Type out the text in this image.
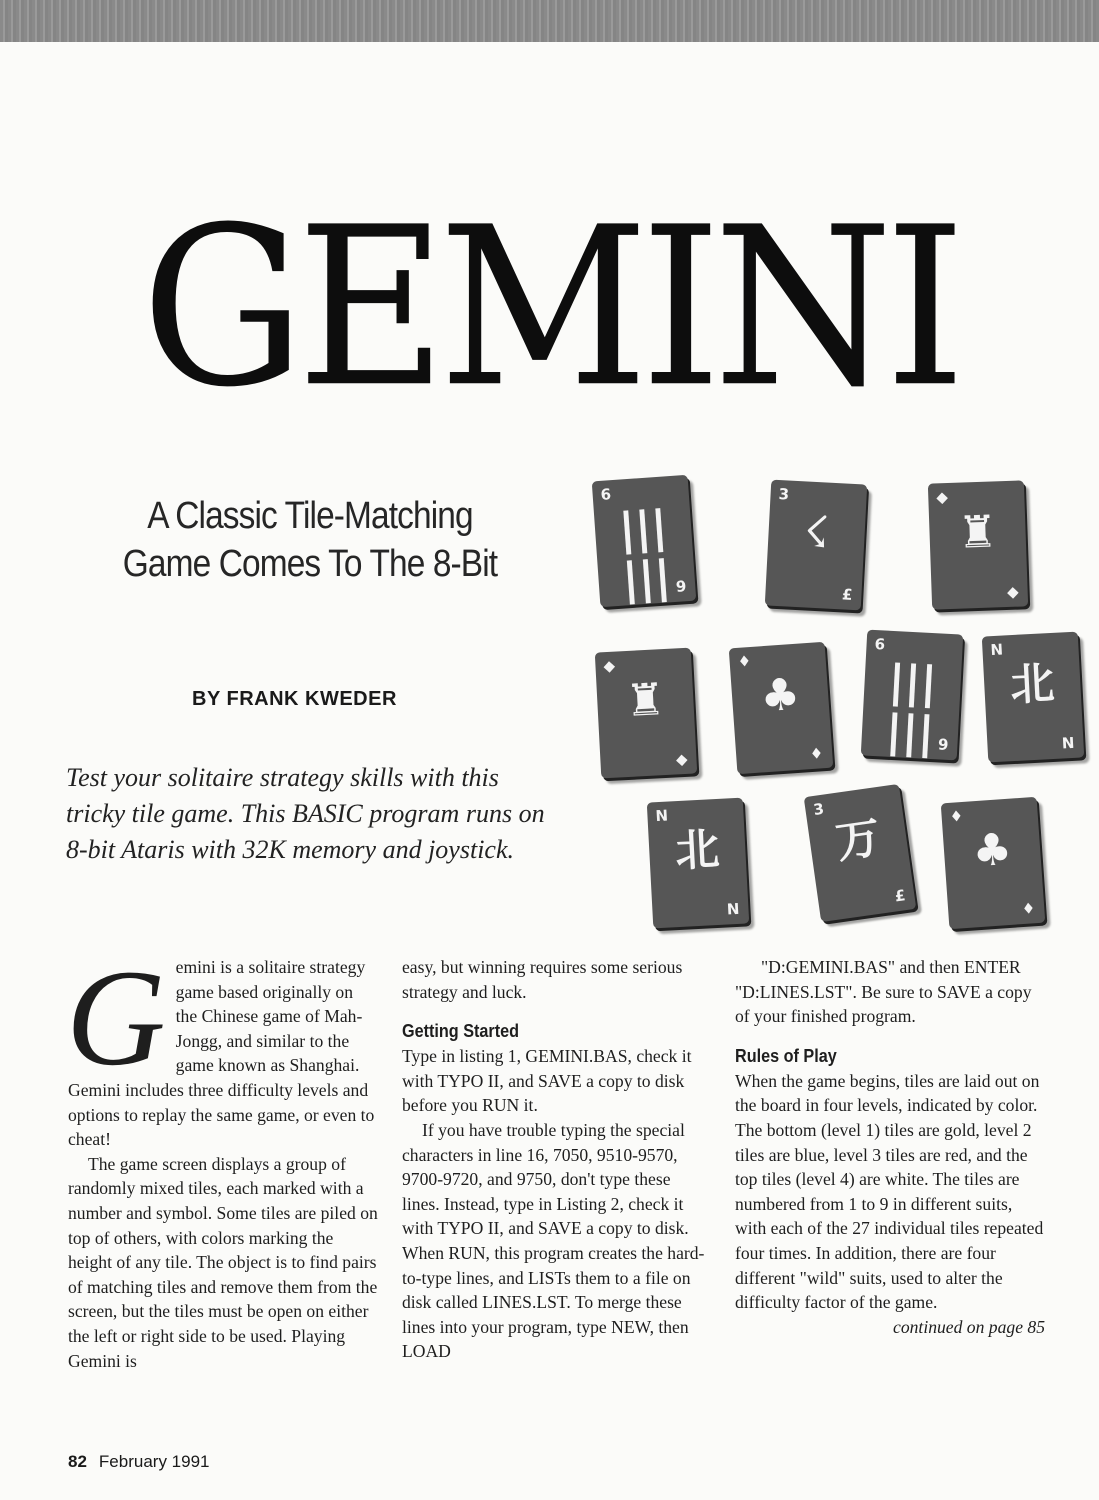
GEMINI
A Classic Tile-Matching
Game Comes To The 8-Bit
BY FRANK KWEDER
Test your solitaire strategy skills with this tricky tile game. This BASIC program runs on 8-bit Ataris with 32K memory and joystick.
6
|||
||| 9
3
☇
£
◆
♜
◆
◆
♜
◆
♦
♣
♦
6
|||
||| 9
N
北
N
N
北
N
3
万
£
♦
♣
♦

Gemini is a solitaire strategy game based originally on the Chinese game of Mah-Jongg, and similar to the game known as Shanghai. Gemini includes three difficulty levels and options to replay the same game, or even to cheat!

The game screen displays a group of randomly mixed tiles, each marked with a number and symbol. Some tiles are piled on top of others, with colors marking the height of any tile. The object is to find pairs of matching tiles and remove them from the screen, but the tiles must be open on either the left or right side to be used. Playing Gemini is

easy, but winning requires some serious strategy and luck.

Getting Started

Type in listing 1, GEMINI.BAS, check it with TYPO II, and SAVE a copy to disk before you RUN it.

If you have trouble typing the special characters in line 16, 7050, 9510-9570, 9700-9720, and 9750, don't type these lines. Instead, type in Listing 2, check it with TYPO II, and SAVE a copy to disk. When RUN, this program creates the hard-to-type lines, and LISTs them to a file on disk called LINES.LST. To merge these lines into your program, type NEW, then LOAD

"D:GEMINI.BAS" and then ENTER "D:LINES.LST". Be sure to SAVE a copy of your finished program.

Rules of Play

When the game begins, tiles are laid out on the board in four levels, indicated by color. The bottom (level 1) tiles are gold, level 2 tiles are blue, level 3 tiles are red, and the top tiles (level 4) are white. The tiles are numbered from 1 to 9 in different suits, with each of the 27 individual tiles repeated four times. In addition, there are four different "wild" suits, used to alter the difficulty factor of the game.

continued on page 85

82 February 1991
